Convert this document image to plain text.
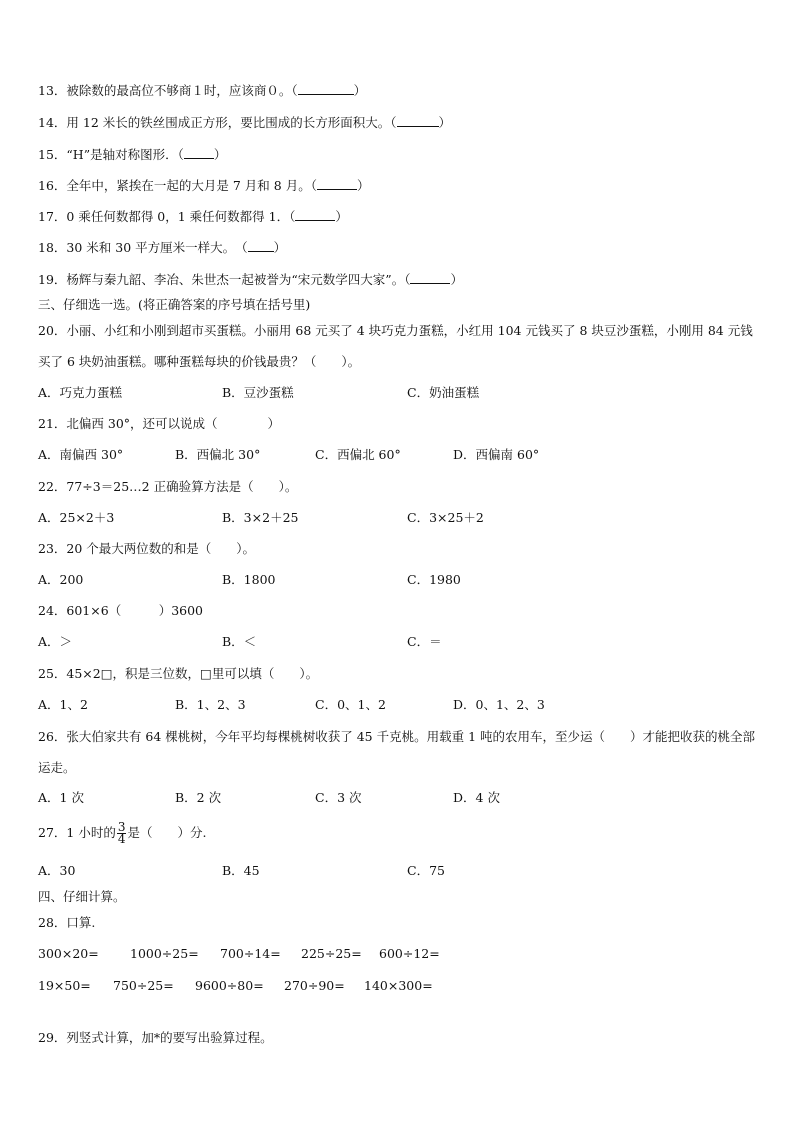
13．被除数的最高位不够商１时，应该商０。（	）
14．用 12 米长的铁丝围成正方形，要比围成的长方形面积大。（	）
15．“H”是轴对称图形．（ ）
16．全年中，紧挨在一起的大月是 7 月和 8 月。（	）
17．0 乘任何数都得 0，1 乘任何数都得 1．（	）
18．30 米和 30 平方厘米一样大。　（ ）
19．杨辉与秦九韶、李冶、朱世杰一起被誉为“宋元数学四大家”。（	）
三、仔细选一选。(将正确答案的序号填在括号里)
20．小丽、小红和小刚到超市买蛋糕。小丽用 68 元买了 4 块巧克力蛋糕，小红用 104 元钱买了 8 块豆沙蛋糕，小刚用 84 元钱买了 6 块奶油蛋糕。哪种蛋糕每块的价钱最贵？（　　）。
A．巧克力蛋糕	B．豆沙蛋糕	C．奶油蛋糕
21．北偏西 30°，还可以说成（　　　　）
A．南偏西 30°	B．西偏北 30°	C．西偏北 60°	D．西偏南 60°
22．77÷3＝25…2 正确验算方法是（　　）。
A．25×2＋3	B．3×2＋25	C．3×25＋2
23．20 个最大两位数的和是（　　）。
A．200	B．1800	C．1980
24．601×6（　　　）3600
A．＞	B．＜	C．＝
25．45×2□，积是三位数，□里可以填（　　）。
A．1、2	B．1、2、3	C．0、1、2	D．0、1、2、3
26．张大伯家共有 64 棵桃树，今年平均每棵桃树收获了 45 千克桃。用载重 1 吨的农用车，至少运（　　）才能把收获的桃全部运走。
A．1 次	B．2 次	C．3 次	D．4 次
27．1 小时的 $\frac{3}{4}$ 是（　　）分.
A．30	B．45	C．75
四、仔细计算。
28．口算.
300×20=	1000÷25= 700÷14= 225÷25= 600÷12=
19×50= 750÷25= 9600÷80= 270÷90= 140×300=
29．列竖式计算，加*的要写出验算过程。
